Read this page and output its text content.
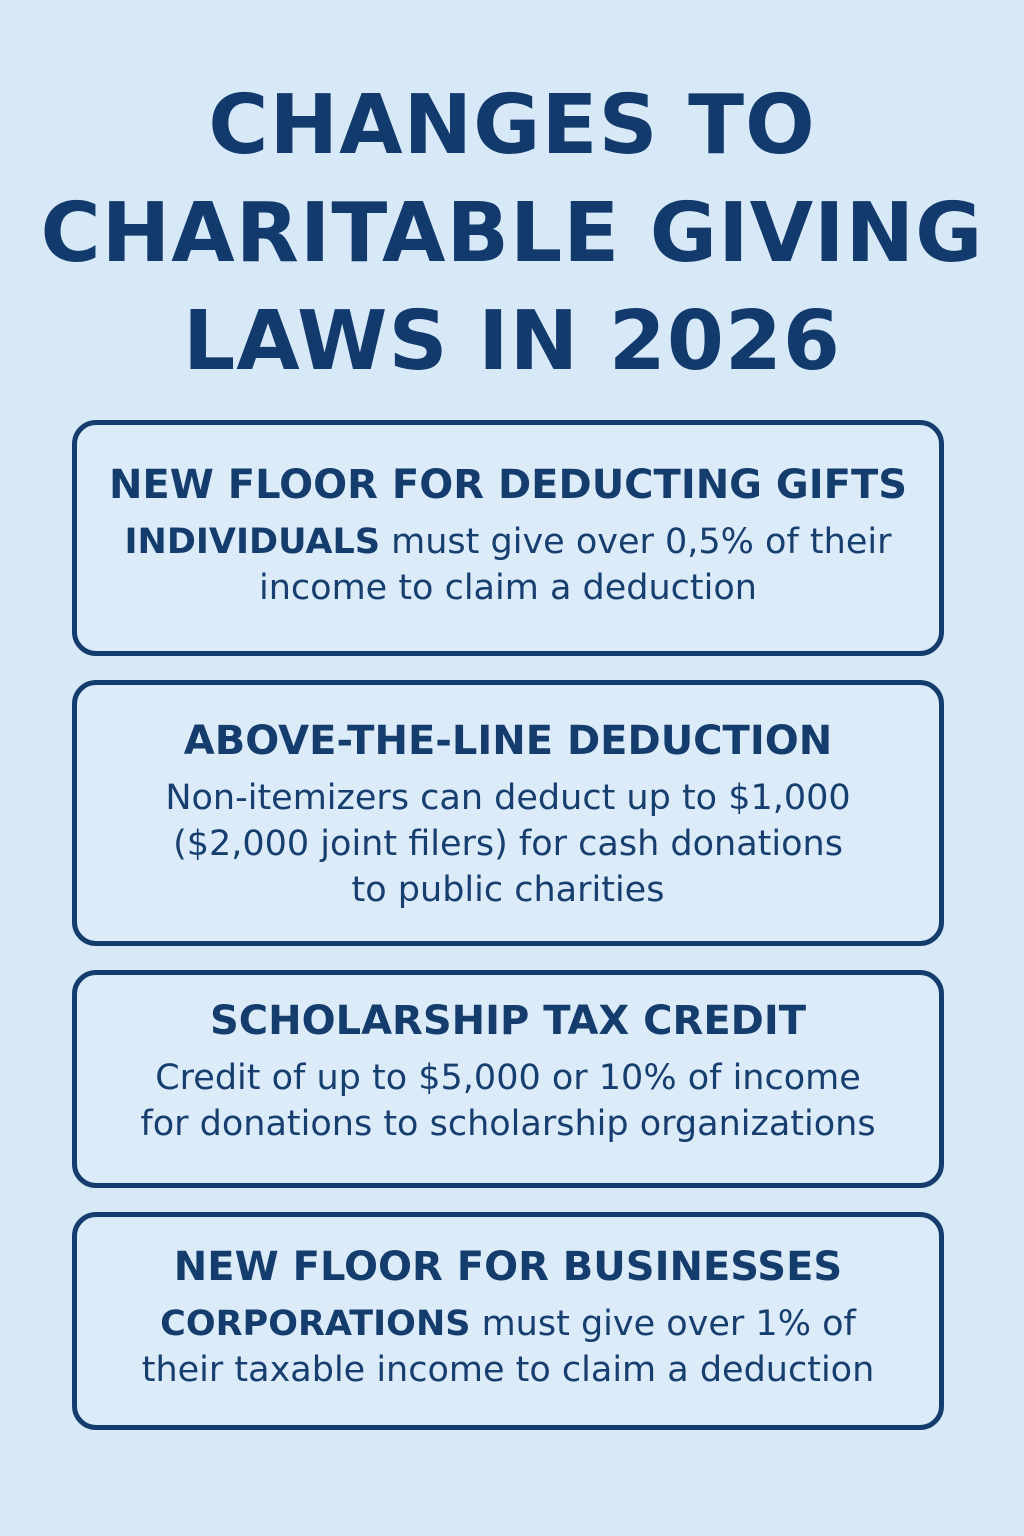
CHANGES TO
CHARITABLE GIVING
LAWS IN 2026
NEW FLOOR FOR DEDUCTING GIFTS

INDIVIDUALS must give over 0,5% of their
income to claim a deduction

ABOVE-THE-LINE DEDUCTION

Non-itemizers can deduct up to $1,000
($2,000 joint filers) for cash donations
to public charities

SCHOLARSHIP TAX CREDIT

Credit of up to $5,000 or 10% of income
for donations to scholarship organizations

NEW FLOOR FOR BUSINESSES

CORPORATIONS must give over 1% of
their taxable income to claim a deduction
